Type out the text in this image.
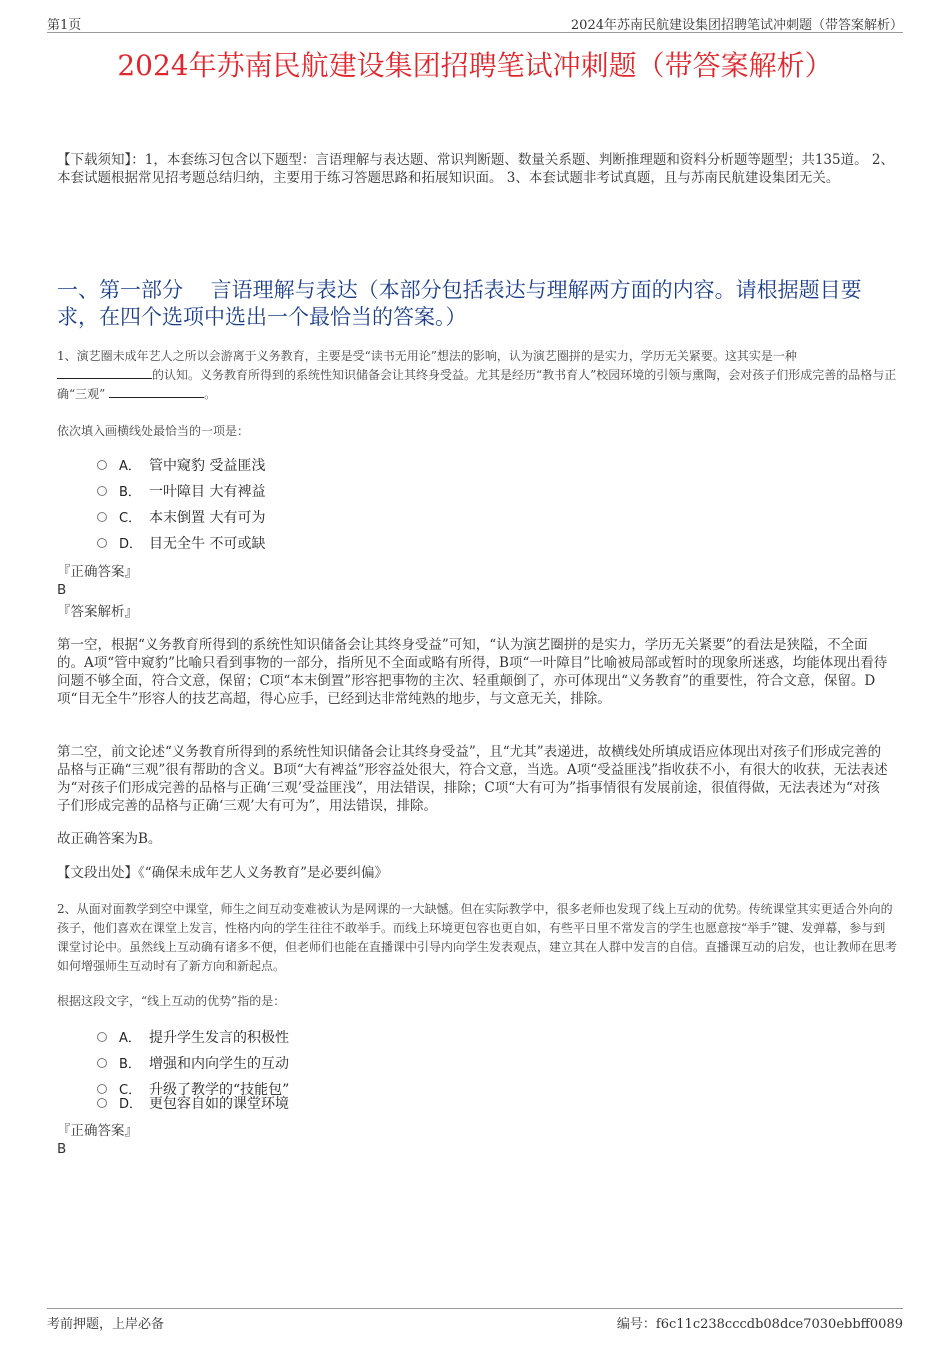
第1页	2024年苏南民航建设集团招聘笔试冲刺题（带答案解析）
2024年苏南民航建设集团招聘笔试冲刺题（带答案解析）
【下载须知】：1，本套练习包含以下题型：言语理解与表达题、常识判断题、数量关系题、判断推理题和资料分析题等题型；共135道。 2、本套试题根据常见招考题总结归纳，主要用于练习答题思路和拓展知识面。 3、本套试题非考试真题，且与苏南民航建设集团无关。
一、第一部分　 言语理解与表达（本部分包括表达与理解两方面的内容。请根据题目要求，在四个选项中选出一个最恰当的答案。）
1、演艺圈未成年艺人之所以会游离于义务教育，主要是受“读书无用论”想法的影响，认为演艺圈拼的是实力，学历无关紧要。这其实是一种
的认知。义务教育所得到的系统性知识储备会让其终身受益。尤其是经历“教书育人”校园环境的引领与熏陶，会对孩子们形成完善的品格与正确“三观”	。
依次填入画横线处最恰当的一项是：
A． 管中窥豹 受益匪浅
B． 一叶障目 大有裨益
C． 本末倒置 大有可为
D． 目无全牛 不可或缺
『正确答案』
B
『答案解析』
第一空，根据“义务教育所得到的系统性知识储备会让其终身受益”可知，“认为演艺圈拼的是实力，学历无关紧要”的看法是狭隘，不全面的。A项“管中窥豹”比喻只看到事物的一部分，指所见不全面或略有所得，B项“一叶障目”比喻被局部或暂时的现象所迷惑，均能体现出看待问题不够全面，符合文意，保留；C项“本末倒置”形容把事物的主次、轻重颠倒了，亦可体现出“义务教育”的重要性，符合文意，保留。D项“目无全牛”形容人的技艺高超，得心应手，已经到达非常纯熟的地步，与文意无关，排除。
第二空，前文论述“义务教育所得到的系统性知识储备会让其终身受益”，且“尤其”表递进，故横线处所填成语应体现出对孩子们形成完善的品格与正确“三观”很有帮助的含义。B项“大有裨益”形容益处很大，符合文意，当选。A项“受益匪浅”指收获不小，有很大的收获，无法表述为“对孩子们形成完善的品格与正确‘三观’受益匪浅”，用法错误，排除；C项“大有可为”指事情很有发展前途，很值得做，无法表述为“对孩子们形成完善的品格与正确‘三观’大有可为”，用法错误，排除。
故正确答案为B。
【文段出处】《“确保未成年艺人义务教育”是必要纠偏》
2、从面对面教学到空中课堂，师生之间互动变难被认为是网课的一大缺憾。但在实际教学中，很多老师也发现了线上互动的优势。传统课堂其实更适合外向的孩子，他们喜欢在课堂上发言，性格内向的学生往往不敢举手。而线上环境更包容也更自如，有些平日里不常发言的学生也愿意按“举手”键、发弹幕，参与到课堂讨论中。虽然线上互动确有诸多不便，但老师们也能在直播课中引导内向学生发表观点，建立其在人群中发言的自信。直播课互动的启发，也让教师在思考如何增强师生互动时有了新方向和新起点。
根据这段文字，“线上互动的优势”指的是：
A． 提升学生发言的积极性
B． 增强和内向学生的互动
C． 升级了教学的“技能包”
D． 更包容自如的课堂环境
『正确答案』
B
考前押题，上岸必备	编号：f6c11c238cccdb08dce7030ebbff0089
